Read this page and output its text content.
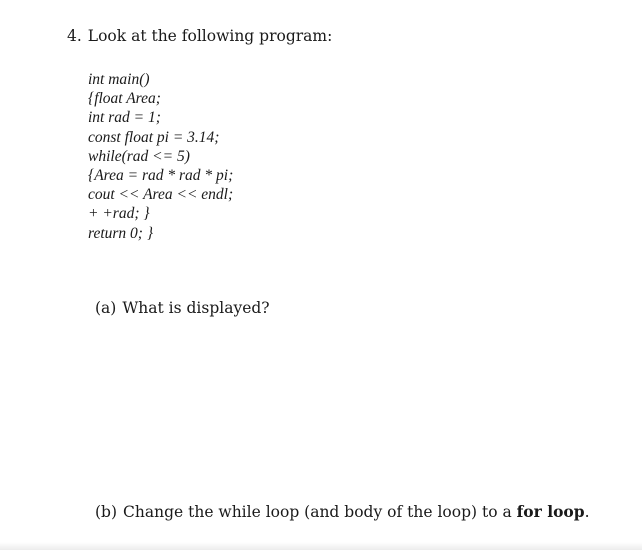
4. Look at the following program:
int main()
{float Area;
int rad = 1;
const float pi = 3.14;
while(rad <= 5)
{Area = rad * rad * pi;
cout << Area << endl;
+ +rad; }
return 0; }
(a) What is displayed?
(b) Change the while loop (and body of the loop) to a for loop.
